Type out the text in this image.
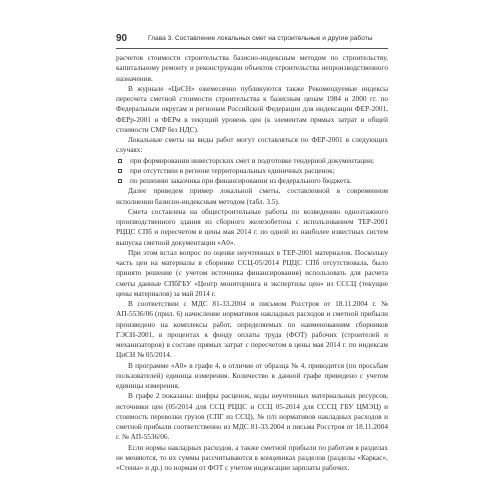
90	Глава 3. Составление локальных смет на строительные и другие работы

расчетов стоимости строительства базисно-индексным методом по строительству, капитальному ремонту и реконструкции объектов строительства непроизводственного назначения.

В журнале «ЦнСН» ежемесячно публикуются также Рекомендуемые индексы пересчета сметной стоимости строительства к базисным ценам 1984 и 2000 гг. по Федеральным округам и регионам Российской Федерации для индексации ФЕР-2001, ФЕРр-2001 и ФЕРм в текущий уровень цен (к элементам прямых затрат и общей стоимости СМР без НДС).

Локальные сметы на виды работ могут составляться по ФЕР-2001 в следующих случаях:

при формировании инвесторских смет и подготовке тендерной документации;
при отсутствии в регионе территориальных единичных расценок;
по решению заказчика при финансировании из федерального бюджета.

Далее приведем пример локальной сметы, составленной в современном исполнении базисно-индексным методом (табл. 3.5).

Смета составлена на общестроительные работы по возведению одноэтажного производственного здания из сборного железобетона с использованием ТЕР-2001 РЦЦС СПб и пересчетом в цены мая 2014 г. по одной из наиболее известных систем выпуска сметной документации «А0».

При этом встал вопрос по оценке неучтенных в ТЕР-2001 материалов. Поскольку часть цен на материалы в сборнике ССЦ-05/2014 РЦЦС СПб отсутствовала, было принято решение (с учетом источника финансирования) использовать для расчета сметы данные СПбГБУ «Центр мониторинга и экспертизы цен» из СССЦ (текущие цены материалов) за май 2014 г.

В соответствии с МДС 81-33.2004 и письмом Росстроя от 18.11.2004 г. № АП-5536/06 (прил. 6) начисление нормативов накладных расходов и сметной прибыли произведено на комплексы работ, определяемых по наименованиям сборников ГЭСН-2001, в процентах к фонду оплаты труда (ФОТ) рабочих (строителей и механизаторов) в составе прямых затрат с пересчетом в цены мая 2014 г. по индексам ЦнСН № 05/2014.

В программе «А0» в графе 4, в отличие от образца № 4, приводится (по просьбам пользователей) единица измерения. Количество в данной графе приведено с учетом единицы измерения.

В графе 2 показаны: шифры расценок, коды неучтенных материальных ресурсов, источники цен (05/2014 для ССЦ РЦЦС и ССЦ 05-2014 для СССЦ ГБУ ЦМЭЦ) и стоимость перевозки грузов (СПГ из ССЦ), № п/п нормативов накладных расходов и сметной прибыли соответственно из МДС 81-33.2004 и письма Росстроя от 18.11.2004 г. № АП-5536/06.

Если нормы накладных расходов, а также сметной прибыли по работам в разделах не меняются, то их суммы рассчитываются в концевиках разделов (разделы «Каркас», «Стены» и др.) по нормам от ФОТ с учетом индексации зарплаты рабочих.
